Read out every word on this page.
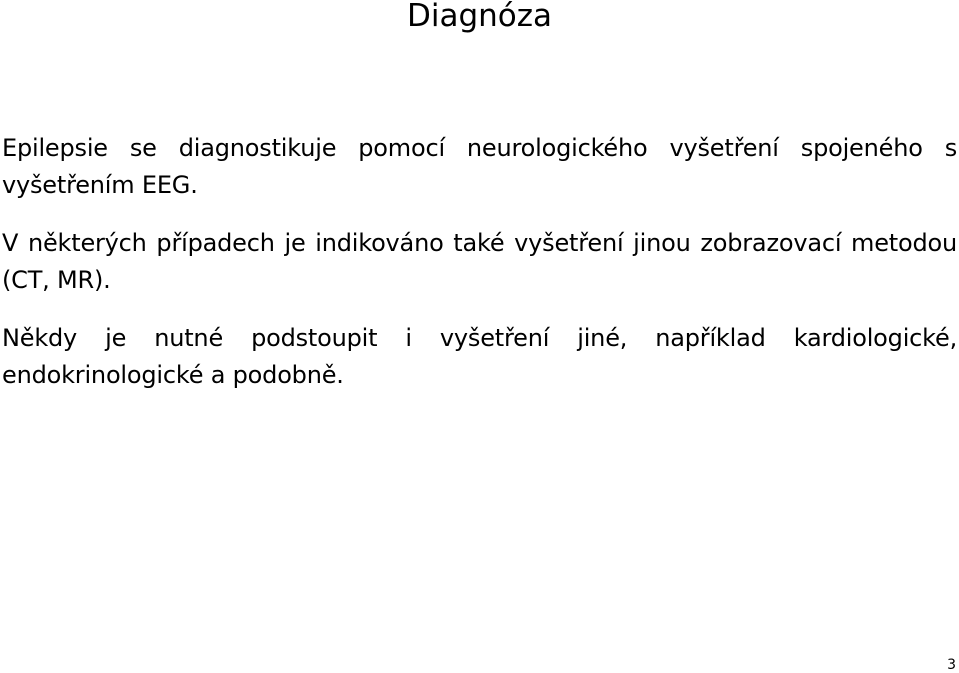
Diagnóza

Epilepsie se diagnostikuje pomocí neurologického vyšetření spojeného s vyšetřením EEG.

V některých případech je indikováno také vyšetření jinou zobrazovací metodou (CT, MR).

Někdy je nutné podstoupit i vyšetření jiné, například kardiologické, endokrinologické a podobně.

3
